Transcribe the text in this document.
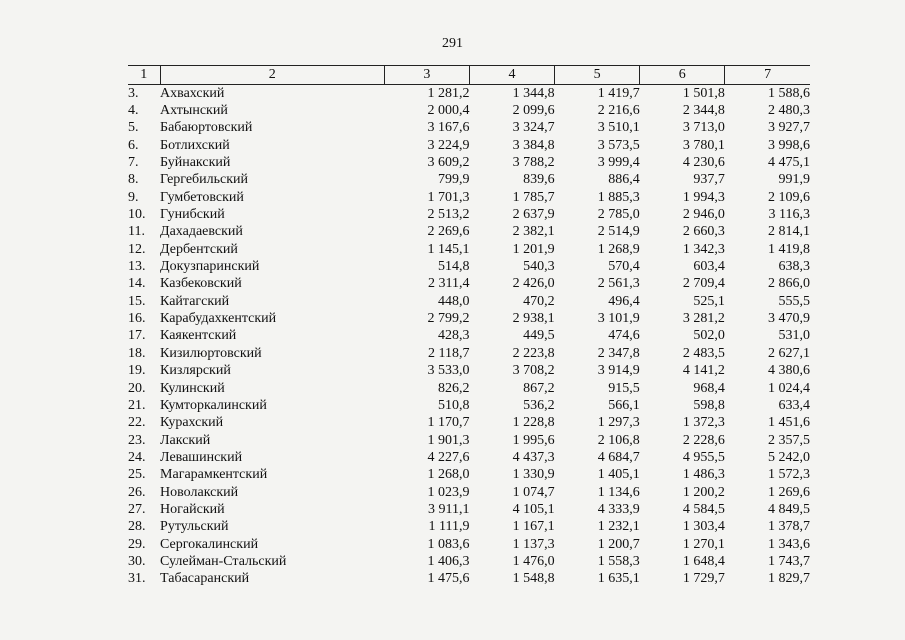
291
1	2	3	4	5	6	7
3.	Ахвахский	1 281,2	1 344,8	1 419,7	1 501,8	1 588,6
4.	Ахтынский	2 000,4	2 099,6	2 216,6	2 344,8	2 480,3
5.	Бабаюртовский	3 167,6	3 324,7	3 510,1	3 713,0	3 927,7
6.	Ботлихский	3 224,9	3 384,8	3 573,5	3 780,1	3 998,6
7.	Буйнакский	3 609,2	3 788,2	3 999,4	4 230,6	4 475,1
8.	Гергебильский	799,9	839,6	886,4	937,7	991,9
9.	Гумбетовский	1 701,3	1 785,7	1 885,3	1 994,3	2 109,6
10.	Гунибский	2 513,2	2 637,9	2 785,0	2 946,0	3 116,3
11.	Дахадаевский	2 269,6	2 382,1	2 514,9	2 660,3	2 814,1
12.	Дербентский	1 145,1	1 201,9	1 268,9	1 342,3	1 419,8
13.	Докузпаринский	514,8	540,3	570,4	603,4	638,3
14.	Казбековский	2 311,4	2 426,0	2 561,3	2 709,4	2 866,0
15.	Кайтагский	448,0	470,2	496,4	525,1	555,5
16.	Карабудахкентский	2 799,2	2 938,1	3 101,9	3 281,2	3 470,9
17.	Каякентский	428,3	449,5	474,6	502,0	531,0
18.	Кизилюртовский	2 118,7	2 223,8	2 347,8	2 483,5	2 627,1
19.	Кизлярский	3 533,0	3 708,2	3 914,9	4 141,2	4 380,6
20.	Кулинский	826,2	867,2	915,5	968,4	1 024,4
21.	Кумторкалинский	510,8	536,2	566,1	598,8	633,4
22.	Курахский	1 170,7	1 228,8	1 297,3	1 372,3	1 451,6
23.	Лакский	1 901,3	1 995,6	2 106,8	2 228,6	2 357,5
24.	Левашинский	4 227,6	4 437,3	4 684,7	4 955,5	5 242,0
25.	Магарамкентский	1 268,0	1 330,9	1 405,1	1 486,3	1 572,3
26.	Новолакский	1 023,9	1 074,7	1 134,6	1 200,2	1 269,6
27.	Ногайский	3 911,1	4 105,1	4 333,9	4 584,5	4 849,5
28.	Рутульский	1 111,9	1 167,1	1 232,1	1 303,4	1 378,7
29.	Сергокалинский	1 083,6	1 137,3	1 200,7	1 270,1	1 343,6
30.	Сулейман-Стальский	1 406,3	1 476,0	1 558,3	1 648,4	1 743,7
31.	Табасаранский	1 475,6	1 548,8	1 635,1	1 729,7	1 829,7
